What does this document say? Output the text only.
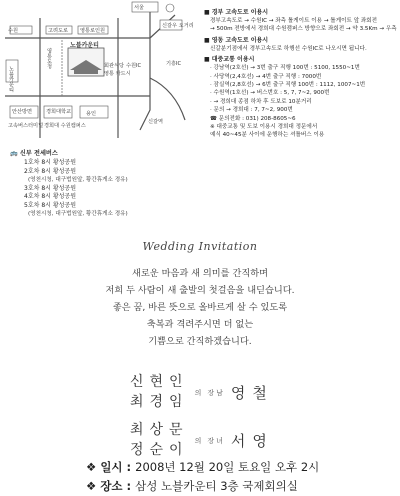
수원	고려도로 영통로인원
서울
신갈우 오거리
수원IC	기흥IC
노블카운티
영통도청
노블카운티
회관식당
영통 카드시
안산방면
고속버스터미널
경희대학교
경희대 수원캠퍼스
용인
신갈역
🚌 신부 전세버스
1호차 8시 황성공원
2호차 8시 황성공원
(영천시청, 대구법원앞, 황간휴게소 경유)
3호차 8시 황성공원
4호차 8시 황성공원
5호차 8시 황성공원
(영천시청, 대구법원앞, 황간휴게소 경유)
■ 경부 고속도로 이용시
경부고속도로 → 수원IC → 좌측 톨게이트 이용 → 톨게이트 앞 좌회전
→ 500m 전방에서 경희대 수원캠퍼스 방향으로 좌회전 → 약 3.5Km → 우측
■ 영동 고속도로 이용시
신갈분기점에서 경부고속도로 하행선 수원IC로 나오시면 됩니다.
■ 대중교통 이용시
· 강남역(2호선) → 3번 출구 직행 100번 : 5100, 1550~1번
· 사당역(2,4호선) → 4번 출구 직행 : 7000번
· 잠실역(2,8호선) → 6번 출구 직행 100번 : 1112, 1007~1번
· 수원역(1호선) → 버스번호 : 5, 7, 7~2, 900번
· → 경희대 종점 하차 후 도보로 10분거리
· 문의 → 경희대 : 7, 7~2, 900번
☎ 문의전화 : 031) 208-8605~6
※ 대중교통 및 도보 이용시 경희대 정문에서
예식 40~45분 사이에 운행하는 셔틀버스 이용
Wedding Invitation
새로운 마음과 새 의미를 간직하며
저희 두 사람이 새 출발의 첫걸음을 내딛습니다.
좋은 꿈, 바른 뜻으로 올바르게 살 수 있도록
축복과 격려주시면 더 없는
기쁨으로 간직하겠습니다.
신현인
최경임
의 장남 영철
최상문
정순이
의 장녀 서영
❖ 일시 : 2008년 12월 20일 토요일 오후 2시
❖ 장소 : 삼성 노블카운티 3층 국제회의실
